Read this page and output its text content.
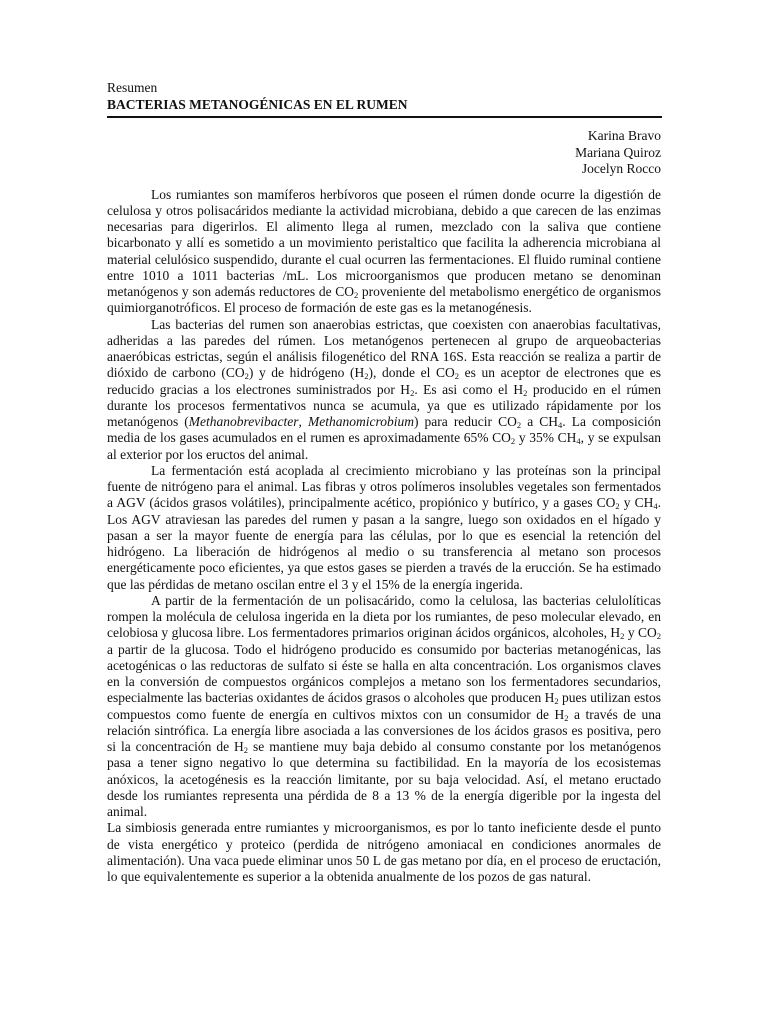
Resumen
BACTERIAS METANOGÉNICAS EN EL RUMEN
Karina Bravo
Mariana Quiroz
Jocelyn Rocco

Los rumiantes son mamíferos herbívoros que poseen el rúmen donde ocurre la digestión de celulosa y otros polisacáridos mediante la actividad microbiana, debido a que carecen de las enzimas necesarias para digerirlos. El alimento llega al rumen, mezclado con la saliva que contiene bicarbonato y allí es sometido a un movimiento peristaltico que facilita la adherencia microbiana al material celulósico suspendido, durante el cual ocurren las fermentaciones. El fluido ruminal contiene entre 1010 a 1011 bacterias /mL. Los microorganismos que producen metano se denominan metanógenos y son además reductores de $CO_2$ proveniente del metabolismo energético de organismos quimiorganotróficos. El proceso de formación de este gas es la metanogénesis.

Las bacterias del rumen son anaerobias estrictas, que coexisten con anaerobias facultativas, adheridas a las paredes del rúmen. Los metanógenos pertenecen al grupo de arqueobacterias anaeróbicas estrictas, según el análisis filogenético del RNA 16S. Esta reacción se realiza a partir de dióxido de carbono $(CO_2)$ y de hidrógeno $(H_2)$, donde el $CO_2$ es un aceptor de electrones que es reducido gracias a los electrones suministrados por $H_2$. Es asi como el $H_2$ producido en el rúmen durante los procesos fermentativos nunca se acumula, ya que es utilizado rápidamente por los metanógenos (Methanobrevibacter, Methanomicrobium) para reducir $CO_2$ a $CH_4$. La composición media de los gases acumulados en el rumen es aproximadamente 65% $CO_2$ y 35% $CH_4$, y se expulsan al exterior por los eructos del animal.

La fermentación está acoplada al crecimiento microbiano y las proteínas son la principal fuente de nitrógeno para el animal. Las fibras y otros polímeros insolubles vegetales son fermentados a AGV (ácidos grasos volátiles), principalmente acético, propiónico y butírico, y a gases $CO_2$ y $CH_4$. Los AGV atraviesan las paredes del rumen y pasan a la sangre, luego son oxidados en el hígado y pasan a ser la mayor fuente de energía para las células, por lo que es esencial la retención del hidrógeno. La liberación de hidrógenos al medio o su transferencia al metano son procesos energéticamente poco eficientes, ya que estos gases se pierden a través de la erucción. Se ha estimado que las pérdidas de metano oscilan entre el 3 y el 15% de la energía ingerida.

A partir de la fermentación de un polisacárido, como la celulosa, las bacterias celulolíticas rompen la molécula de celulosa ingerida en la dieta por los rumiantes, de peso molecular elevado, en celobiosa y glucosa libre. Los fermentadores primarios originan ácidos orgánicos, alcoholes, $H_2$ y $CO_2$ a partir de la glucosa. Todo el hidrógeno producido es consumido por bacterias metanogénicas, las acetogénicas o las reductoras de sulfato si éste se halla en alta concentración. Los organismos claves en la conversión de compuestos orgánicos complejos a metano son los fermentadores secundarios, especialmente las bacterias oxidantes de ácidos grasos o alcoholes que producen $H_2$ pues utilizan estos compuestos como fuente de energía en cultivos mixtos con un consumidor de $H_2$ a través de una relación sintrófica. La energía libre asociada a las conversiones de los ácidos grasos es positiva, pero si la concentración de $H_2$ se mantiene muy baja debido al consumo constante por los metanógenos pasa a tener signo negativo lo que determina su factibilidad. En la mayoría de los ecosistemas anóxicos, la acetogénesis es la reacción limitante, por su baja velocidad. Así, el metano eructado desde los rumiantes representa una pérdida de 8 a 13 % de la energía digerible por la ingesta del animal.

La simbiosis generada entre rumiantes y microorganismos, es por lo tanto ineficiente desde el punto de vista energético y proteico (perdida de nitrógeno amoniacal en condiciones anormales de alimentación). Una vaca puede eliminar unos 50 L de gas metano por día, en el proceso de eructación, lo que equivalentemente es superior a la obtenida anualmente de los pozos de gas natural.
